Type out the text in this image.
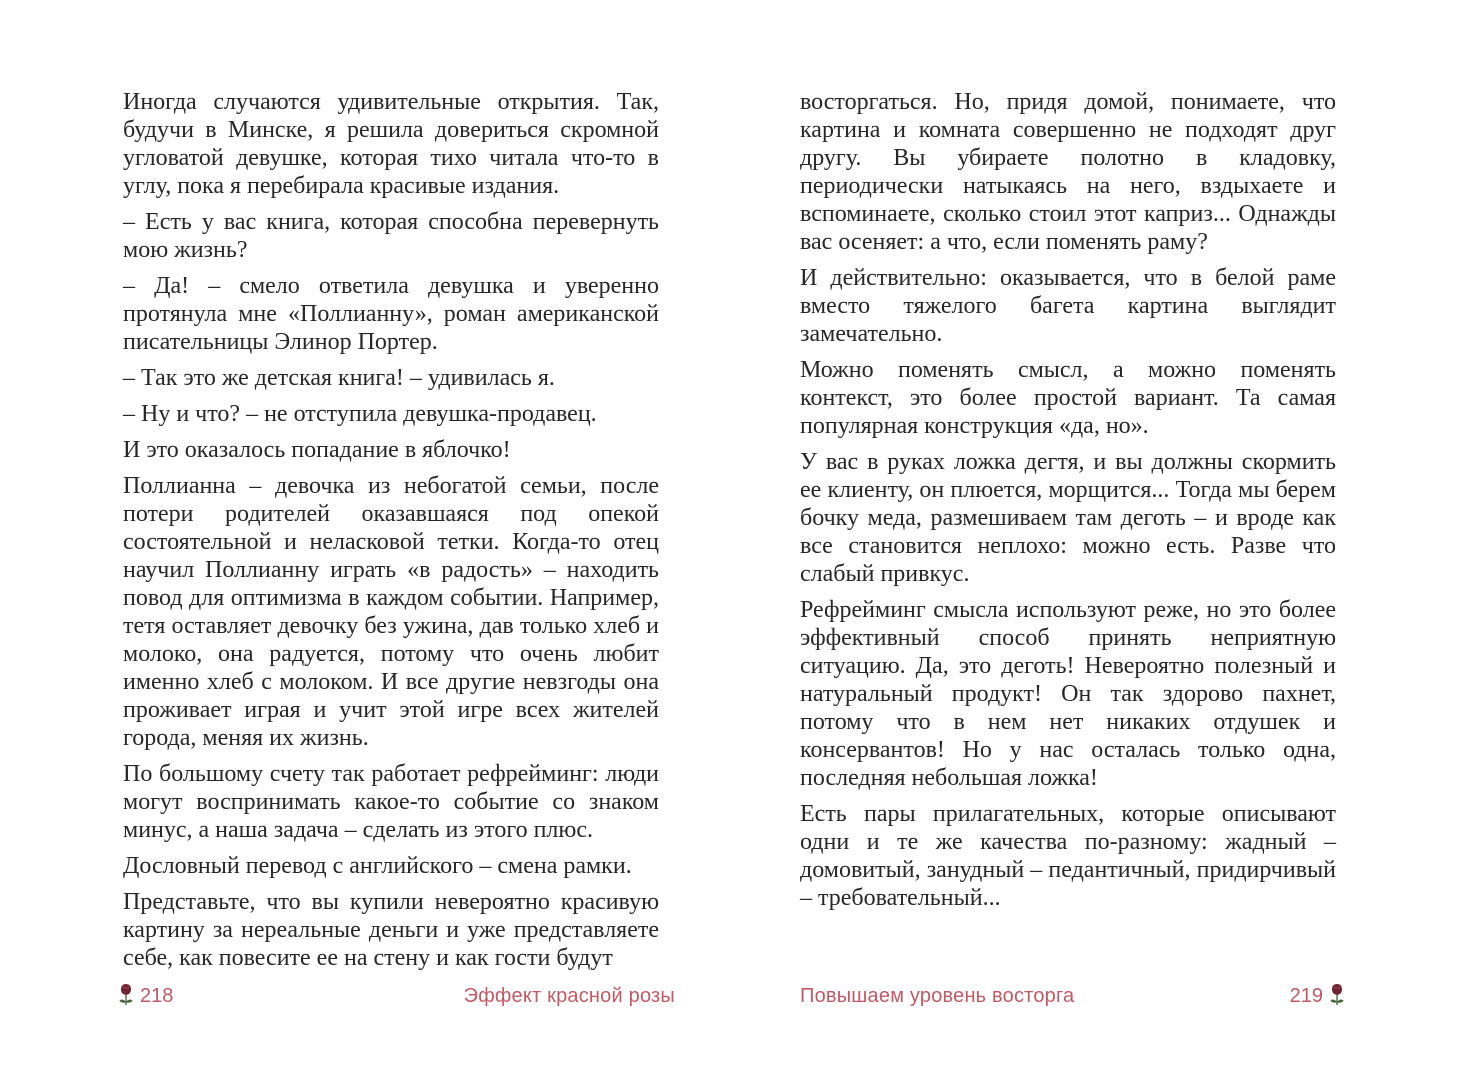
Иногда случаются удивительные открытия. Так, будучи в Минске, я решила довериться скромной угловатой девушке, которая тихо читала что-то в углу, пока я перебирала красивые издания.

– Есть у вас книга, которая способна перевернуть мою жизнь?

– Да! – смело ответила девушка и уверенно протянула мне «Поллианну», роман американской писательницы Элинор Портер.

– Так это же детская книга! – удивилась я.

– Ну и что? – не отступила девушка-продавец.

И это оказалось попадание в яблочко!

Поллианна – девочка из небогатой семьи, после потери родителей оказавшаяся под опекой состоятельной и неласковой тетки. Когда-то отец научил Поллианну играть «в радость» – находить повод для оптимизма в каждом событии. Например, тетя оставляет девочку без ужина, дав только хлеб и молоко, она радуется, потому что очень любит именно хлеб с молоком. И все другие невзгоды она проживает играя и учит этой игре всех жителей города, меняя их жизнь.

По большому счету так работает рефрейминг: люди могут воспринимать какое-то событие со знаком минус, а наша задача – сделать из этого плюс.

Дословный перевод с английского – смена рамки.

Представьте, что вы купили невероятно красивую картину за нереальные деньги и уже представляете себе, как повесите ее на стену и как гости будут

восторгаться. Но, придя домой, понимаете, что картина и комната совершенно не подходят друг другу. Вы убираете полотно в кладовку, периодически натыкаясь на него, вздыхаете и вспоминаете, сколько стоил этот каприз... Однажды вас осеняет: а что, если поменять раму?

И действительно: оказывается, что в белой раме вместо тяжелого багета картина выглядит замечательно.

Можно поменять смысл, а можно поменять контекст, это более простой вариант. Та самая популярная конструкция «да, но».

У вас в руках ложка дегтя, и вы должны скормить ее клиенту, он плюется, морщится... Тогда мы берем бочку меда, размешиваем там деготь – и вроде как все становится неплохо: можно есть. Разве что слабый привкус.

Рефрейминг смысла используют реже, но это более эффективный способ принять неприятную ситуацию. Да, это деготь! Невероятно полезный и натуральный продукт! Он так здорово пахнет, потому что в нем нет никаких отдушек и консервантов! Но у нас осталась только одна, последняя небольшая ложка!

Есть пары прилагательных, которые описывают одни и те же качества по-разному: жадный – домовитый, занудный – педантичный, придирчивый – требовательный...

218	Эффект красной розы	Повышаем уровень восторга	219
